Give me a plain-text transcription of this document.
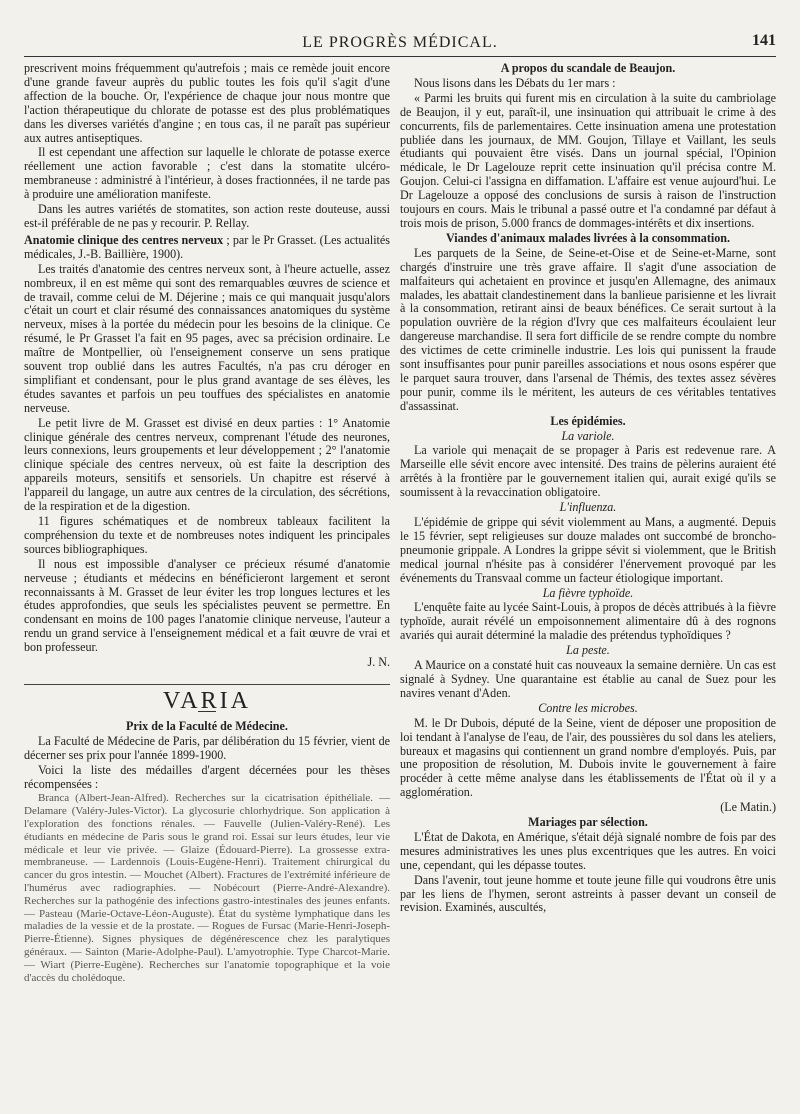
LE PROGRÈS MÉDICAL.	141

prescrivent moins fréquemment qu'autrefois ; mais ce remède jouit encore d'une grande faveur auprès du public toutes les fois qu'il s'agit d'une affection de la bouche. Or, l'expérience de chaque jour nous montre que l'action thérapeutique du chlorate de potasse est des plus problématiques dans les diverses variétés d'angine ; en tous cas, il ne paraît pas supérieur aux autres antiseptiques.

Il est cependant une affection sur laquelle le chlorate de potasse exerce réellement une action favorable ; c'est dans la stomatite ulcéro-membraneuse : administré à l'intérieur, à doses fractionnées, il ne tarde pas à produire une amélioration manifeste.

Dans les autres variétés de stomatites, son action reste douteuse, aussi est-il préférable de ne pas y recourir. P. Rellay.

Anatomie clinique des centres nerveux ; par le Pr Grasset. (Les actualités médicales, J.-B. Baillière, 1900).

Les traités d'anatomie des centres nerveux sont, à l'heure actuelle, assez nombreux, il en est même qui sont des remarquables œuvres de science et de travail, comme celui de M. Déjerine ; mais ce qui manquait jusqu'alors c'était un court et clair résumé des connaissances anatomiques du système nerveux, mises à la portée du médecin pour les besoins de la clinique. Ce résumé, le Pr Grasset l'a fait en 95 pages, avec sa précision ordinaire. Le maître de Montpellier, où l'enseignement conserve un sens pratique souvent trop oublié dans les autres Facultés, n'a pas cru déroger en simplifiant et condensant, pour le plus grand avantage de ses élèves, les études savantes et parfois un peu touffues des spécialistes en anatomie nerveuse.

Le petit livre de M. Grasset est divisé en deux parties : 1° Anatomie clinique générale des centres nerveux, comprenant l'étude des neurones, leurs connexions, leurs groupements et leur développement ; 2° l'anatomie clinique spéciale des centres nerveux, où est faite la description des appareils moteurs, sensitifs et sensoriels. Un chapitre est réservé à l'appareil du langage, un autre aux centres de la circulation, des sécrétions, de la respiration et de la digestion.

11 figures schématiques et de nombreux tableaux facilitent la compréhension du texte et de nombreuses notes indiquent les principales sources bibliographiques.

Il nous est impossible d'analyser ce précieux résumé d'anatomie nerveuse ; étudiants et médecins en bénéficieront largement et seront reconnaissants à M. Grasset de leur éviter les trop longues lectures et les études approfondies, que seuls les spécialistes peuvent se permettre. En condensant en moins de 100 pages l'anatomie clinique nerveuse, l'auteur a rendu un grand service à l'enseignement médical et a fait œuvre de vrai et bon professeur.

J. N.

VARIA

Prix de la Faculté de Médecine.

La Faculté de Médecine de Paris, par délibération du 15 février, vient de décerner ses prix pour l'année 1899-1900.

Voici la liste des médailles d'argent décernées pour les thèses récompensées :

Branca (Albert-Jean-Alfred). Recherches sur la cicatrisation épithéliale. — Delamare (Valéry-Jules-Victor). La glycosurie chlorhydrique. Son application à l'exploration des fonctions rénales. — Fauvelle (Julien-Valéry-René). Les étudiants en médecine de Paris sous le grand roi. Essai sur leurs études, leur vie médicale et leur vie privée. — Glaize (Édouard-Pierre). La grossesse extra-membraneuse. — Lardennois (Louis-Eugène-Henri). Traitement chirurgical du cancer du gros intestin. — Mouchet (Albert). Fractures de l'extrémité inférieure de l'humérus avec radiographies. — Nobécourt (Pierre-André-Alexandre). Recherches sur la pathogénie des infections gastro-intestinales des jeunes enfants. — Pasteau (Marie-Octave-Léon-Auguste). État du système lymphatique dans les maladies de la vessie et de la prostate. — Rogues de Fursac (Marie-Henri-Joseph-Pierre-Étienne). Signes physiques de dégénérescence chez les paralytiques généraux. — Sainton (Marie-Adolphe-Paul). L'amyotrophie. Type Charcot-Marie. — Wiart (Pierre-Eugène). Recherches sur l'anatomie topographique et la voie d'accès du cholédoque.

A propos du scandale de Beaujon.

Nous lisons dans les Débats du 1er mars :

« Parmi les bruits qui furent mis en circulation à la suite du cambriolage de Beaujon, il y eut, paraît-il, une insinuation qui attribuait le crime à des concurrents, fils de parlementaires. Cette insinuation amena une protestation publiée dans les journaux, de MM. Goujon, Tillaye et Vaillant, les seuls étudiants qui pouvaient être visés. Dans un journal spécial, l'Opinion médicale, le Dr Lagelouze reprit cette insinuation qu'il précisa contre M. Goujon. Celui-ci l'assigna en diffamation. L'affaire est venue aujourd'hui. Le Dr Lagelouze a opposé des conclusions de sursis à raison de l'instruction toujours en cours. Mais le tribunal a passé outre et l'a condamné par défaut à trois mois de prison, 5.000 francs de dommages-intérêts et dix insertions.

Viandes d'animaux malades livrées à la consommation.

Les parquets de la Seine, de Seine-et-Oise et de Seine-et-Marne, sont chargés d'instruire une très grave affaire. Il s'agit d'une association de malfaiteurs qui achetaient en province et jusqu'en Allemagne, des animaux malades, les abattait clandestinement dans la banlieue parisienne et les livrait à la consommation, retirant ainsi de beaux bénéfices. Ce serait surtout à la population ouvrière de la région d'Ivry que ces malfaiteurs écoulaient leur dangereuse marchandise. Il sera fort difficile de se rendre compte du nombre des victimes de cette criminelle industrie. Les lois qui punissent la fraude sont insuffisantes pour punir pareilles associations et nous osons espérer que le parquet saura trouver, dans l'arsenal de Thémis, des textes assez sévères pour punir, comme ils le méritent, les auteurs de ces véritables tentatives d'assassinat.

Les épidémies.

La variole.

La variole qui menaçait de se propager à Paris est redevenue rare. A Marseille elle sévit encore avec intensité. Des trains de pèlerins auraient été arrêtés à la frontière par le gouvernement italien qui, aurait exigé qu'ils se soumissent à la revaccination obligatoire.

L'influenza.

L'épidémie de grippe qui sévit violemment au Mans, a augmenté. Depuis le 15 février, sept religieuses sur douze malades ont succombé de broncho-pneumonie grippale. A Londres la grippe sévit si violemment, que le British medical journal n'hésite pas à considérer l'énervement provoqué par les événements du Transvaal comme un facteur étiologique important.

La fièvre typhoïde.

L'enquête faite au lycée Saint-Louis, à propos de décès attribués à la fièvre typhoïde, aurait révélé un empoisonnement alimentaire dû à des rognons avariés qui aurait déterminé la maladie des prétendus typhoïdiques ?

La peste.

A Maurice on a constaté huit cas nouveaux la semaine dernière. Un cas est signalé à Sydney. Une quarantaine est établie au canal de Suez pour les navires venant d'Aden.

Contre les microbes.

M. le Dr Dubois, député de la Seine, vient de déposer une proposition de loi tendant à l'analyse de l'eau, de l'air, des poussières du sol dans les ateliers, bureaux et magasins qui contiennent un grand nombre d'employés. Puis, par une proposition de résolution, M. Dubois invite le gouvernement à faire procéder à cette même analyse dans les établissements de l'État où il y a agglomération.

(Le Matin.)

Mariages par sélection.

L'État de Dakota, en Amérique, s'était déjà signalé nombre de fois par des mesures administratives les unes plus excentriques que les autres. En voici une, cependant, qui les dépasse toutes.

Dans l'avenir, tout jeune homme et toute jeune fille qui voudrons être unis par les liens de l'hymen, seront astreints à passer devant un conseil de revision. Examinés, auscultés,
